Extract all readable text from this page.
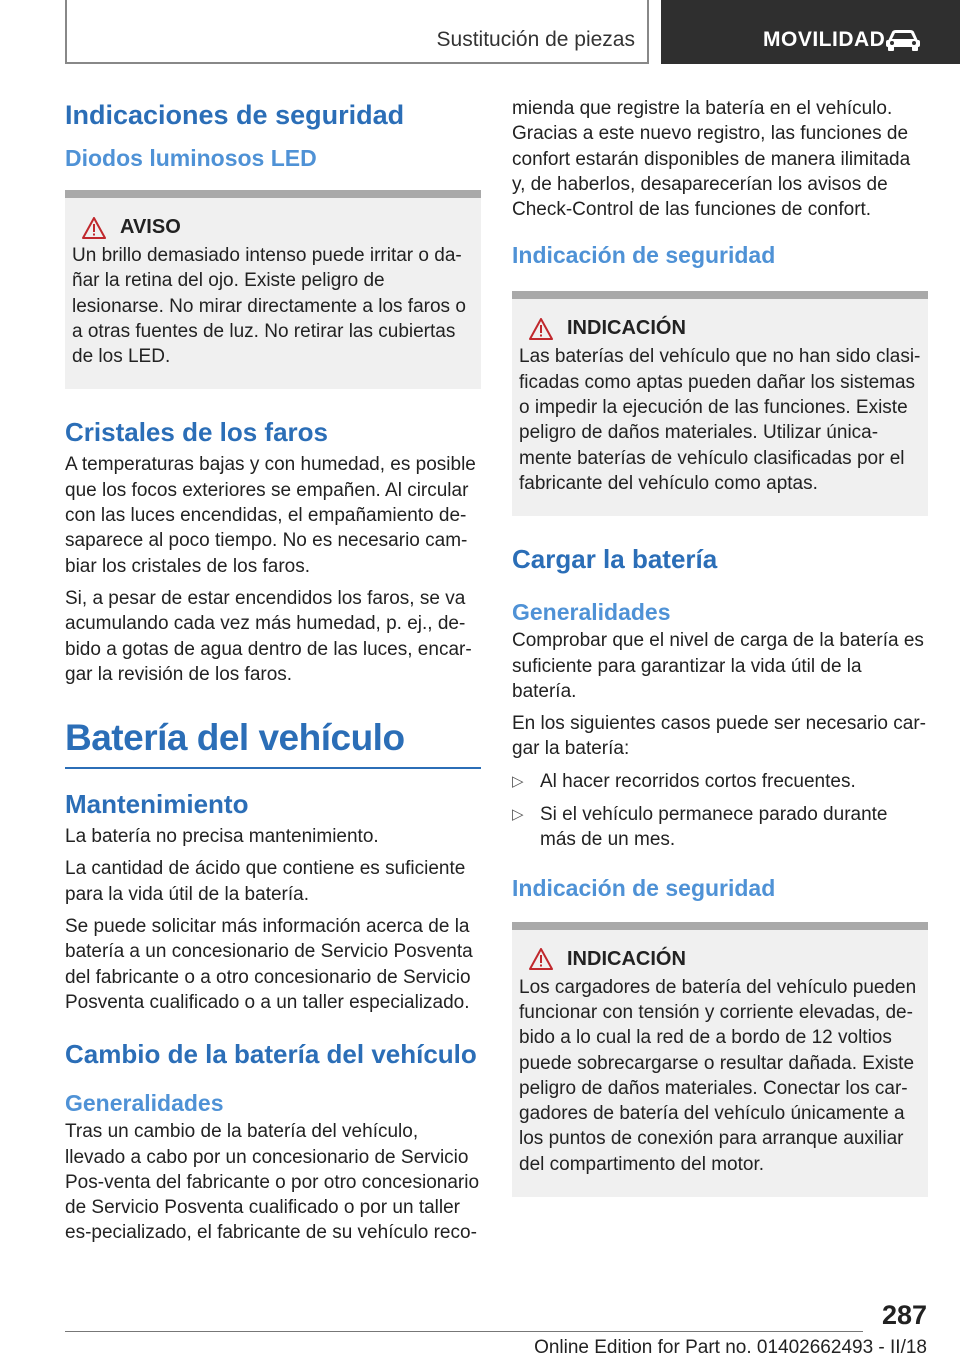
Sustitución de piezas	MOVILIDAD
Indicaciones de seguridad
Diodos luminosos LED
AVISO

Un brillo demasiado intenso puede irritar o da-ñar la retina del ojo. Existe peligro de lesionarse. No mirar directamente a los faros o a otras fuentes de luz. No retirar las cubiertas de los LED.

Cristales de los faros

A temperaturas bajas y con humedad, es posible que los focos exteriores se empañen. Al circular con las luces encendidas, el empañamiento de-saparece al poco tiempo. No es necesario cam-biar los cristales de los faros.

Si, a pesar de estar encendidos los faros, se va acumulando cada vez más humedad, p. ej., de-bido a gotas de agua dentro de las luces, encar-gar la revisión de los faros.

Batería del vehículo
Mantenimiento

La batería no precisa mantenimiento.

La cantidad de ácido que contiene es suficiente para la vida útil de la batería.

Se puede solicitar más información acerca de la batería a un concesionario de Servicio Posventa del fabricante o a otro concesionario de Servicio Posventa cualificado o a un taller especializado.

Cambio de la batería del vehículo
Generalidades

Tras un cambio de la batería del vehículo, llevado a cabo por un concesionario de Servicio Pos-venta del fabricante o por otro concesionario de Servicio Posventa cualificado o por un taller es-pecializado, el fabricante de su vehículo reco-

mienda que registre la batería en el vehículo. Gracias a este nuevo registro, las funciones de confort estarán disponibles de manera ilimitada y, de haberlos, desaparecerían los avisos de Check-Control de las funciones de confort.

Indicación de seguridad
INDICACIÓN

Las baterías del vehículo que no han sido clasi-ficadas como aptas pueden dañar los sistemas o impedir la ejecución de las funciones. Existe peligro de daños materiales. Utilizar única-mente baterías de vehículo clasificadas por el fabricante del vehículo como aptas.

Cargar la batería
Generalidades

Comprobar que el nivel de carga de la batería es suficiente para garantizar la vida útil de la batería.

En los siguientes casos puede ser necesario car-gar la batería:

▷ Al hacer recorridos cortos frecuentes.
▷ Si el vehículo permanece parado durante más de un mes.
Indicación de seguridad
INDICACIÓN

Los cargadores de batería del vehículo pueden funcionar con tensión y corriente elevadas, de-bido a lo cual la red de a bordo de 12 voltios puede sobrecargarse o resultar dañada. Existe peligro de daños materiales. Conectar los car-gadores de batería del vehículo únicamente a los puntos de conexión para arranque auxiliar del compartimento del motor.

287
Online Edition for Part no. 01402662493 - II/18
